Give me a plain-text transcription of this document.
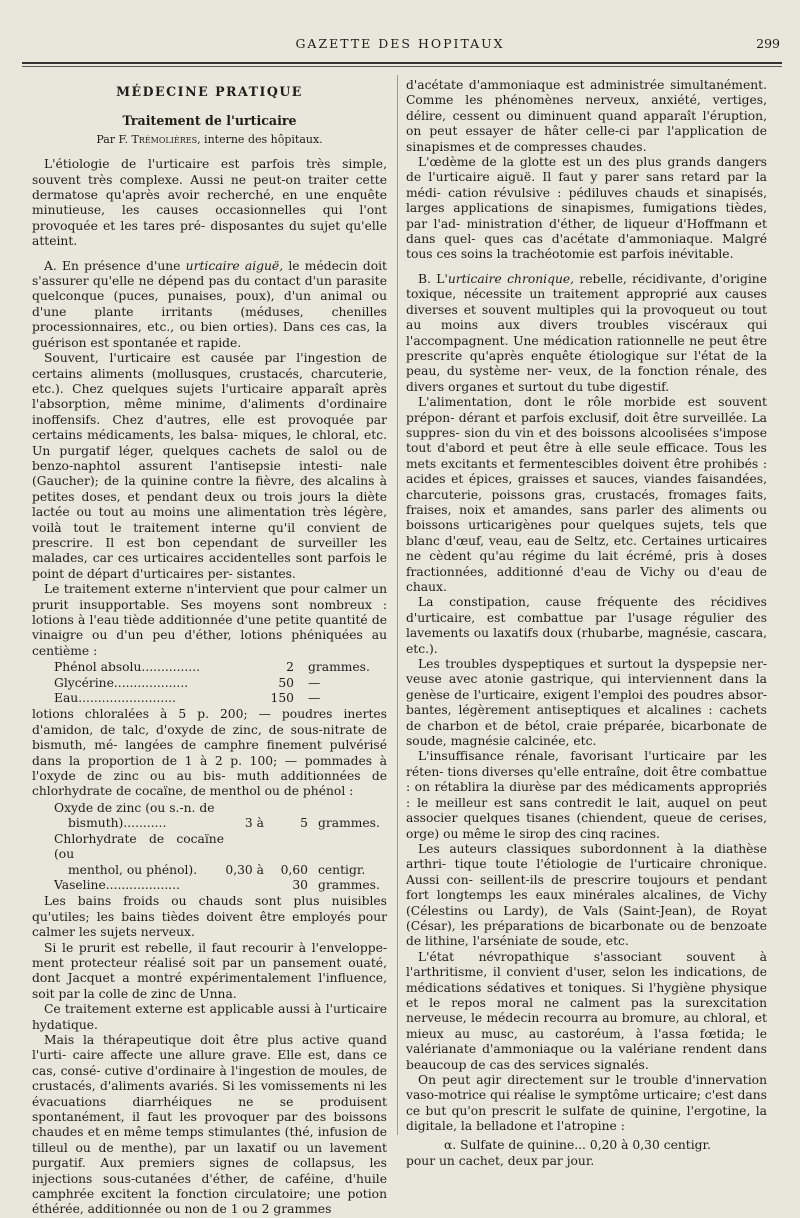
GAZETTE DES HOPITAUX	299
MÉDECINE PRATIQUE
Traitement de l'urticaire
Par F. Trémolières, interne des hôpitaux.

L'étiologie de l'urticaire est parfois très simple, souvent très complexe. Aussi ne peut-on traiter cette dermatose qu'après avoir recherché, en une enquête minutieuse, les causes occasionnelles qui l'ont provoquée et les tares pré- disposantes du sujet qu'elle atteint.

A. En présence d'une urticaire aiguë, le médecin doit s'assurer qu'elle ne dépend pas du contact d'un parasite quelconque (puces, punaises, poux), d'un animal ou d'une plante irritants (méduses, chenilles processionnaires, etc., ou bien orties). Dans ces cas, la guérison est spontanée et rapide.

Souvent, l'urticaire est causée par l'ingestion de certains aliments (mollusques, crustacés, charcuterie, etc.). Chez quelques sujets l'urticaire apparaît après l'absorption, même minime, d'aliments d'ordinaire inoffensifs. Chez d'autres, elle est provoquée par certains médicaments, les balsa- miques, le chloral, etc. Un purgatif léger, quelques cachets de salol ou de benzo-naphtol assurent l'antisepsie intesti- nale (Gaucher); de la quinine contre la fièvre, des alcalins à petites doses, et pendant deux ou trois jours la diète lactée ou tout au moins une alimentation très légère, voilà tout le traitement interne qu'il convient de prescrire. Il est bon cependant de surveiller les malades, car ces urticaires accidentelles sont parfois le point de départ d'urticaires per- sistantes.

Le traitement externe n'intervient que pour calmer un prurit insupportable. Ses moyens sont nombreux : lotions à l'eau tiède additionnée d'une petite quantité de vinaigre ou d'un peu d'éther, lotions phéniquées au centième :

Phénol absolu...............	2	grammes.
Glycérine...................	50	—
Eau.........................	150	—

lotions chloralées à 5 p. 200; — poudres inertes d'amidon, de talc, d'oxyde de zinc, de sous-nitrate de bismuth, mé- langées de camphre finement pulvérisé dans la proportion de 1 à 2 p. 100; — pommades à l'oxyde de zinc ou au bis- muth additionnées de chlorhydrate de cocaïne, de menthol ou de phénol :

Oxyde de zinc (ou s.-n. de
bismuth)...........	3 à	5 grammes.
Chlorhydrate de cocaïne (ou
menthol, ou phénol).	0,30 à	0,60 centigr.
Vaseline...................	30 grammes.

Les bains froids ou chauds sont plus nuisibles qu'utiles; les bains tièdes doivent être employés pour calmer les sujets nerveux.

Si le prurit est rebelle, il faut recourir à l'enveloppe- ment protecteur réalisé soit par un pansement ouaté, dont Jacquet a montré expérimentalement l'influence, soit par la colle de zinc de Unna.

Ce traitement externe est applicable aussi à l'urticaire hydatique.

Mais la thérapeutique doit être plus active quand l'urti- caire affecte une allure grave. Elle est, dans ce cas, consé- cutive d'ordinaire à l'ingestion de moules, de crustacés, d'aliments avariés. Si les vomissements ni les évacuations diarrhéiques ne se produisent spontanément, il faut les provoquer par des boissons chaudes et en même temps stimulantes (thé, infusion de tilleul ou de menthe), par un laxatif ou un lavement purgatif. Aux premiers signes de collapsus, les injections sous-cutanées d'éther, de caféine, d'huile camphrée excitent la fonction circulatoire; une potion éthérée, additionnée ou non de 1 ou 2 grammes

d'acétate d'ammoniaque est administrée simultanément. Comme les phénomènes nerveux, anxiété, vertiges, délire, cessent ou diminuent quand apparaît l'éruption, on peut essayer de hâter celle-ci par l'application de sinapismes et de compresses chaudes.

L'œdème de la glotte est un des plus grands dangers de l'urticaire aiguë. Il faut y parer sans retard par la médi- cation révulsive : pédiluves chauds et sinapisés, larges applications de sinapismes, fumigations tièdes, par l'ad- ministration d'éther, de liqueur d'Hoffmann et dans quel- ques cas d'acétate d'ammoniaque. Malgré tous ces soins la trachéotomie est parfois inévitable.

B. L'urticaire chronique, rebelle, récidivante, d'origine toxique, nécessite un traitement approprié aux causes diverses et souvent multiples qui la provoqueut ou tout au moins aux divers troubles viscéraux qui l'accompagnent. Une médication rationnelle ne peut être prescrite qu'après enquête étiologique sur l'état de la peau, du système ner- veux, de la fonction rénale, des divers organes et surtout du tube digestif.

L'alimentation, dont le rôle morbide est souvent prépon- dérant et parfois exclusif, doit être surveillée. La suppres- sion du vin et des boissons alcoolisées s'impose tout d'abord et peut être à elle seule efficace. Tous les mets excitants et fermentescibles doivent être prohibés : acides et épices, graisses et sauces, viandes faisandées, charcuterie, poissons gras, crustacés, fromages faits, fraises, noix et amandes, sans parler des aliments ou boissons urticarigènes pour quelques sujets, tels que blanc d'œuf, veau, eau de Seltz, etc. Certaines urticaires ne cèdent qu'au régime du lait écrémé, pris à doses fractionnées, additionné d'eau de Vichy ou d'eau de chaux.

La constipation, cause fréquente des récidives d'urticaire, est combattue par l'usage régulier des lavements ou laxatifs doux (rhubarbe, magnésie, cascara, etc.).

Les troubles dyspeptiques et surtout la dyspepsie ner- veuse avec atonie gastrique, qui interviennent dans la genèse de l'urticaire, exigent l'emploi des poudres absor- bantes, légèrement antiseptiques et alcalines : cachets de charbon et de bétol, craie préparée, bicarbonate de soude, magnésie calcinée, etc.

L'insuffisance rénale, favorisant l'urticaire par les réten- tions diverses qu'elle entraîne, doit être combattue : on rétablira la diurèse par des médicaments appropriés : le meilleur est sans contredit le lait, auquel on peut associer quelques tisanes (chiendent, queue de cerises, orge) ou même le sirop des cinq racines.

Les auteurs classiques subordonnent à la diathèse arthri- tique toute l'étiologie de l'urticaire chronique. Aussi con- seillent-ils de prescrire toujours et pendant fort longtemps les eaux minérales alcalines, de Vichy (Célestins ou Lardy), de Vals (Saint-Jean), de Royat (César), les préparations de bicarbonate ou de benzoate de lithine, l'arséniate de soude, etc.

L'état névropathique s'associant souvent à l'arthritisme, il convient d'user, selon les indications, de médications sédatives et toniques. Si l'hygiène physique et le repos moral ne calment pas la surexcitation nerveuse, le médecin recourra au bromure, au chloral, et mieux au musc, au castoréum, à l'assa fœtida; le valérianate d'ammoniaque ou la valériane rendent dans beaucoup de cas des services signalés.

On peut agir directement sur le trouble d'innervation vaso-motrice qui réalise le symptôme urticaire; c'est dans ce but qu'on prescrit le sulfate de quinine, l'ergotine, la digitale, la belladone et l'atropine :

α. Sulfate de quinine... 0,20 à 0,30 centigr.

pour un cachet, deux par jour.
